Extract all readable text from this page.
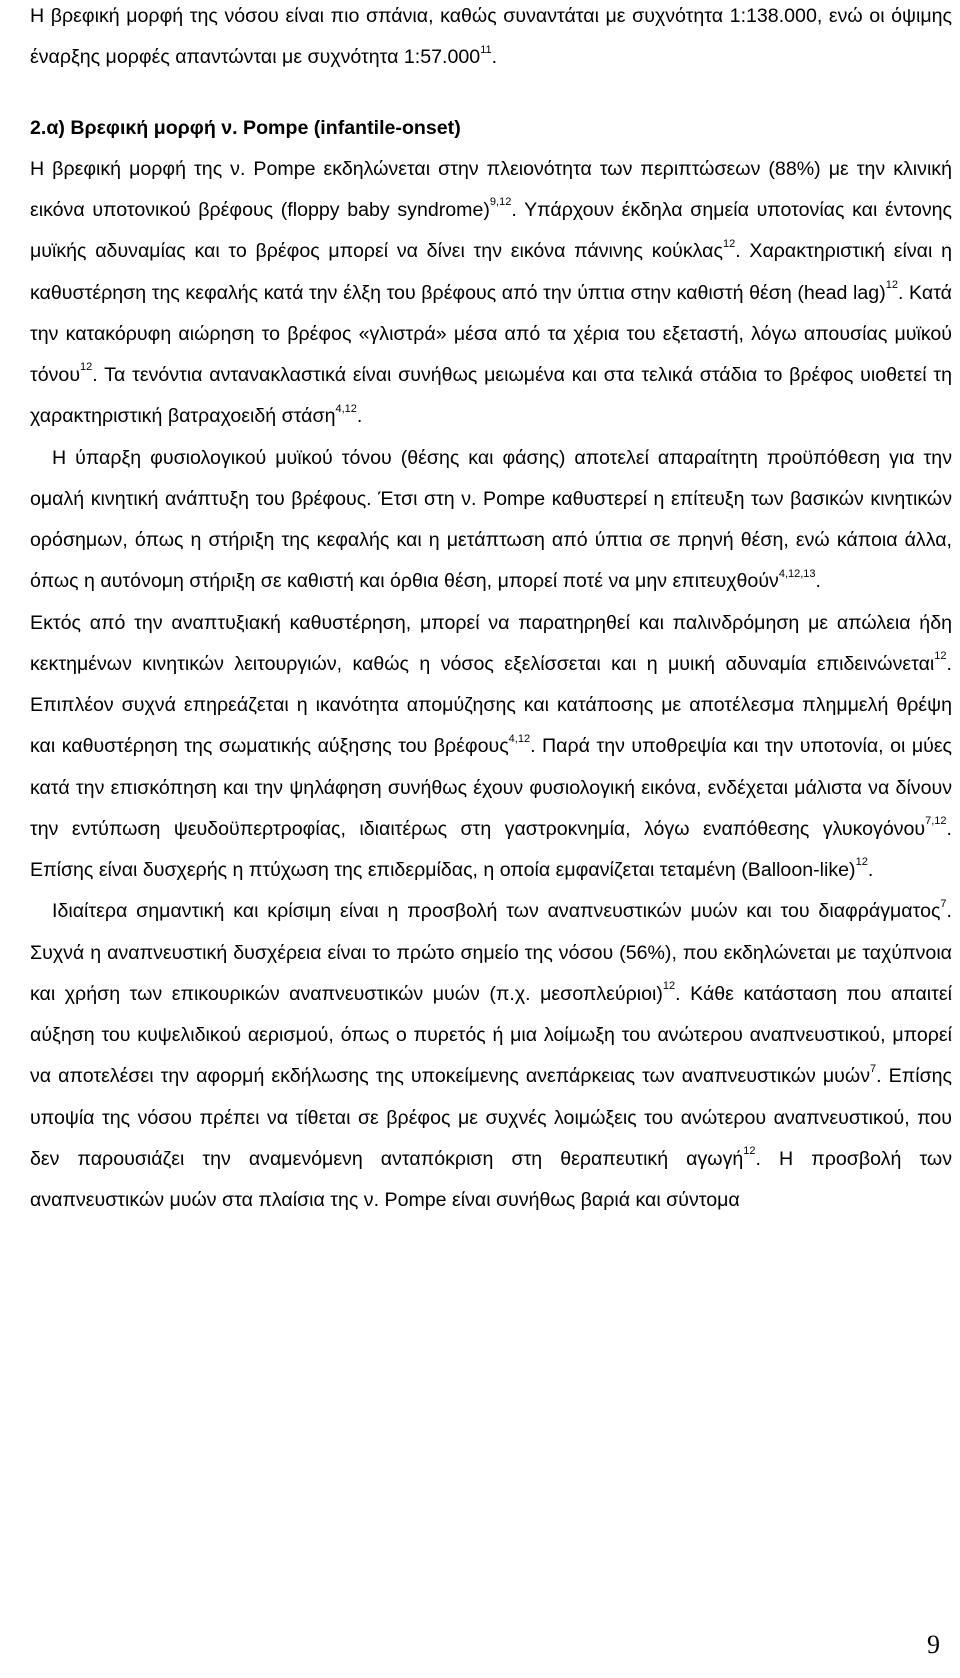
Η βρεφική μορφή της νόσου είναι πιο σπάνια, καθώς συναντάται με συχνότητα 1:138.000, ενώ οι όψιμης έναρξης μορφές απαντώνται με συχνότητα 1:57.000$^{11}$.

2.α) Βρεφική μορφή ν. Pompe (infantile-onset)

Η βρεφική μορφή της ν. Pompe εκδηλώνεται στην πλειονότητα των περιπτώσεων (88%) με την κλινική εικόνα υποτονικού βρέφους (floppy baby syndrome)$^{9,12}$. Υπάρχουν έκδηλα σημεία υποτονίας και έντονης μυϊκής αδυναμίας και το βρέφος μπορεί να δίνει την εικόνα πάνινης κούκλας$^{12}$. Χαρακτηριστική είναι η καθυστέρηση της κεφαλής κατά την έλξη του βρέφους από την ύπτια στην καθιστή θέση (head lag)$^{12}$. Κατά την κατακόρυφη αιώρηση το βρέφος «γλιστρά» μέσα από τα χέρια του εξεταστή, λόγω απουσίας μυϊκού τόνου$^{12}$. Τα τενόντια αντανακλαστικά είναι συνήθως μειωμένα και στα τελικά στάδια το βρέφος υιοθετεί τη χαρακτηριστική βατραχοειδή στάση$^{4,12}$.

Η ύπαρξη φυσιολογικού μυϊκού τόνου (θέσης και φάσης) αποτελεί απαραίτητη προϋπόθεση για την ομαλή κινητική ανάπτυξη του βρέφους. Έτσι στη ν. Pompe καθυστερεί η επίτευξη των βασικών κινητικών ορόσημων, όπως η στήριξη της κεφαλής και η μετάπτωση από ύπτια σε πρηνή θέση, ενώ κάποια άλλα, όπως η αυτόνομη στήριξη σε καθιστή και όρθια θέση, μπορεί ποτέ να μην επιτευχθούν$^{4,12,13}$.

Εκτός από την αναπτυξιακή καθυστέρηση, μπορεί να παρατηρηθεί και παλινδρόμηση με απώλεια ήδη κεκτημένων κινητικών λειτουργιών, καθώς η νόσος εξελίσσεται και η μυική αδυναμία επιδεινώνεται$^{12}$. Επιπλέον συχνά επηρεάζεται η ικανότητα απομύζησης και κατάποσης με αποτέλεσμα πλημμελή θρέψη και καθυστέρηση της σωματικής αύξησης του βρέφους$^{4,12}$. Παρά την υποθρεψία και την υποτονία, οι μύες κατά την επισκόπηση και την ψηλάφηση συνήθως έχουν φυσιολογική εικόνα, ενδέχεται μάλιστα να δίνουν την εντύπωση ψευδοϋπερτροφίας, ιδιαιτέρως στη γαστροκνημία, λόγω εναπόθεσης γλυκογόνου$^{7,12}$. Επίσης είναι δυσχερής η πτύχωση της επιδερμίδας, η οποία εμφανίζεται τεταμένη (Balloon-like)$^{12}$.

Ιδιαίτερα σημαντική και κρίσιμη είναι η προσβολή των αναπνευστικών μυών και του διαφράγματος$^7$. Συχνά η αναπνευστική δυσχέρεια είναι το πρώτο σημείο της νόσου (56%), που εκδηλώνεται με ταχύπνοια και χρήση των επικουρικών αναπνευστικών μυών (π.χ. μεσοπλεύριοι)$^{12}$. Κάθε κατάσταση που απαιτεί αύξηση του κυψελιδικού αερισμού, όπως ο πυρετός ή μια λοίμωξη του ανώτερου αναπνευστικού, μπορεί να αποτελέσει την αφορμή εκδήλωσης της υποκείμενης ανεπάρκειας των αναπνευστικών μυών$^7$. Επίσης υποψία της νόσου πρέπει να τίθεται σε βρέφος με συχνές λοιμώξεις του ανώτερου αναπνευστικού, που δεν παρουσιάζει την αναμενόμενη ανταπόκριση στη θεραπευτική αγωγή$^{12}$. Η προσβολή των αναπνευστικών μυών στα πλαίσια της ν. Pompe είναι συνήθως βαριά και σύντομα

9
